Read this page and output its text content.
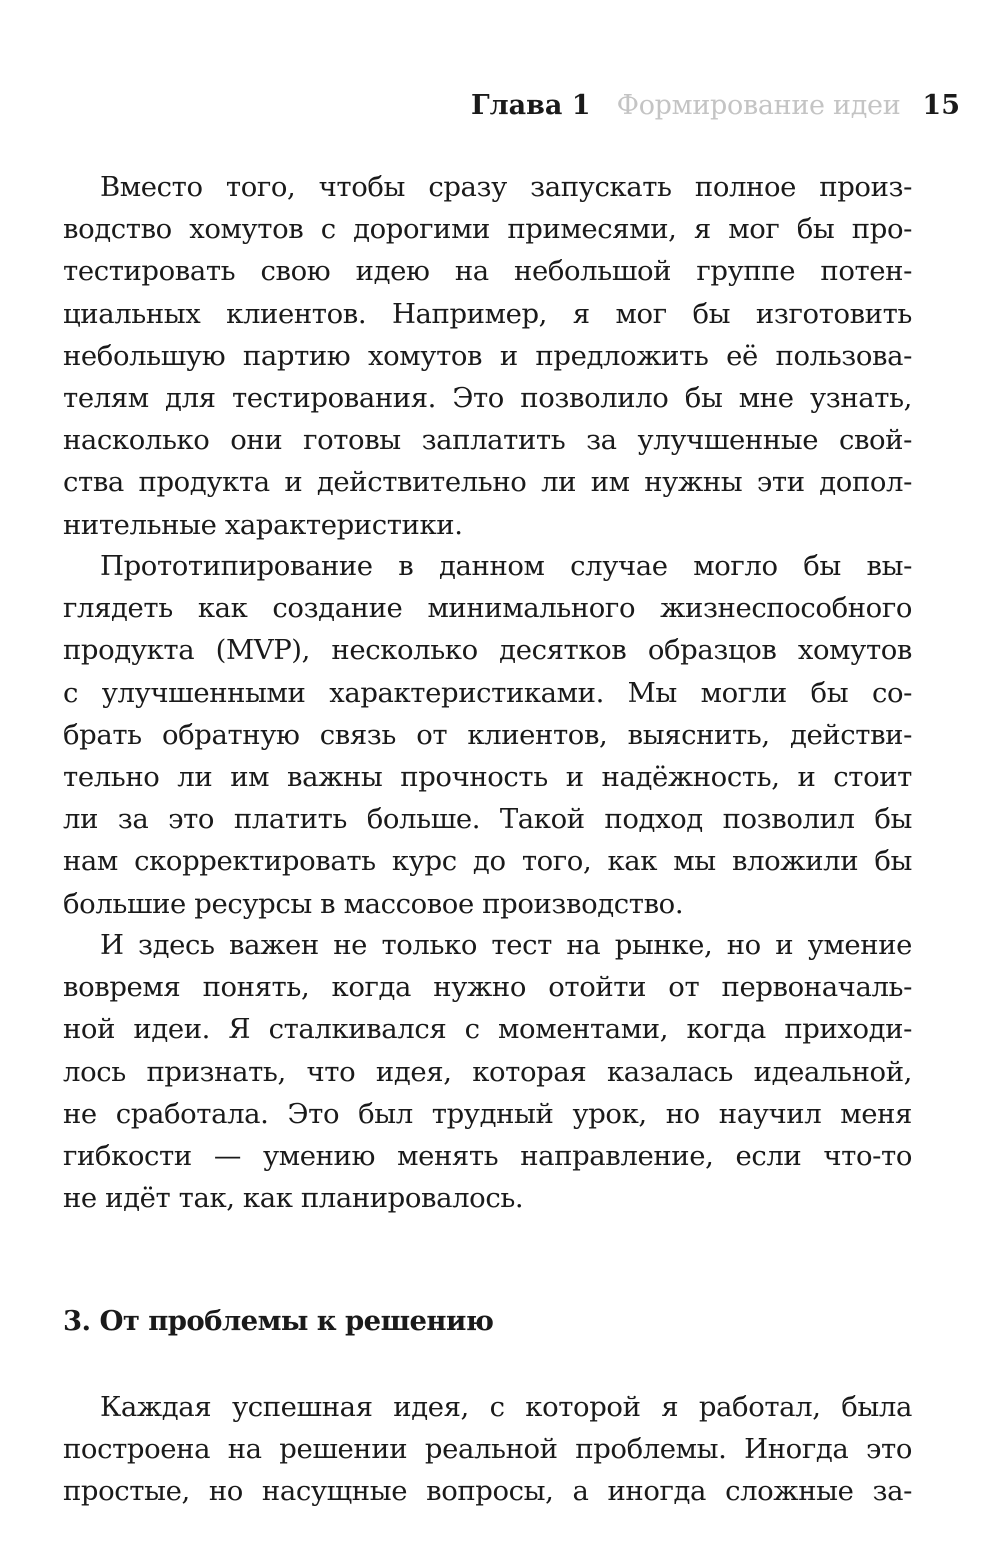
Глава 1 Формирование идеи 15
Вместо того, чтобы сразу запускать полное произ-
водство хомутов с дорогими примесями, я мог бы про-
тестировать свою идею на небольшой группе потен-
циальных клиентов. Например, я мог бы изготовить
небольшую партию хомутов и предложить её пользова-
телям для тестирования. Это позволило бы мне узнать,
насколько они готовы заплатить за улучшенные свой-
ства продукта и действительно ли им нужны эти допол-
нительные характеристики.
Прототипирование в данном случае могло бы вы-
глядеть как создание минимального жизнеспособного
продукта (MVP), несколько десятков образцов хомутов
с улучшенными характеристиками. Мы могли бы со-
брать обратную связь от клиентов, выяснить, действи-
тельно ли им важны прочность и надёжность, и стоит
ли за это платить больше. Такой подход позволил бы
нам скорректировать курс до того, как мы вложили бы
большие ресурсы в массовое производство.
И здесь важен не только тест на рынке, но и умение
вовремя понять, когда нужно отойти от первоначаль-
ной идеи. Я сталкивался с моментами, когда приходи-
лось признать, что идея, которая казалась идеальной,
не сработала. Это был трудный урок, но научил меня
гибкости — умению менять направление, если что-то
не идёт так, как планировалось.
3. От проблемы к решению
Каждая успешная идея, с которой я работал, была
построена на решении реальной проблемы. Иногда это
простые, но насущные вопросы, а иногда сложные за-
